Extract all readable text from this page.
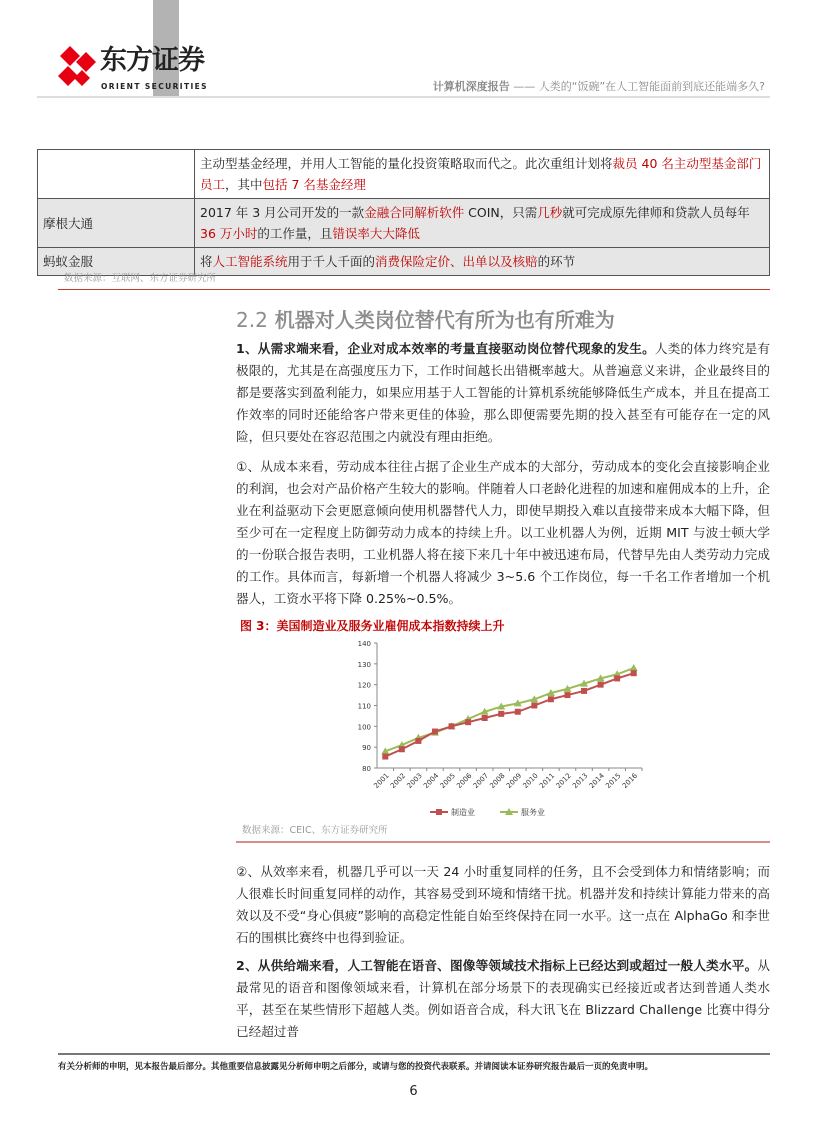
东方证券
ORIENT SECURITIES	计算机深度报告 —— 人类的“饭碗”在人工智能面前到底还能端多久?
	主动型基金经理，并用人工智能的量化投资策略取而代之。此次重组计划将裁员 40 名主动型基金部门员工，其中包括 7 名基金经理
摩根大通	2017 年 3 月公司开发的一款金融合同解析软件 COIN，只需几秒就可完成原先律师和贷款人员每年 36 万小时的工作量，且错误率大大降低
蚂蚁金服	将人工智能系统用于千人千面的消费保险定价、出单以及核赔的环节
数据来源：互联网、东方证券研究所
2.2 机器对人类岗位替代有所为也有所难为
1、从需求端来看，企业对成本效率的考量直接驱动岗位替代现象的发生。人类的体力终究是有极限的，尤其是在高强度压力下，工作时间越长出错概率越大。从普遍意义来讲，企业最终目的都是要落实到盈利能力，如果应用基于人工智能的计算机系统能够降低生产成本，并且在提高工作效率的同时还能给客户带来更佳的体验，那么即便需要先期的投入甚至有可能存在一定的风险，但只要处在容忍范围之内就没有理由拒绝。
①、从成本来看，劳动成本往往占据了企业生产成本的大部分，劳动成本的变化会直接影响企业的利润，也会对产品价格产生较大的影响。伴随着人口老龄化进程的加速和雇佣成本的上升，企业在利益驱动下会更愿意倾向使用机器替代人力，即使早期投入难以直接带来成本大幅下降，但至少可在一定程度上防御劳动力成本的持续上升。以工业机器人为例，近期 MIT 与波士顿大学的一份联合报告表明，工业机器人将在接下来几十年中被迅速布局，代替早先由人类劳动力完成的工作。具体而言，每新增一个机器人将减少 3~5.6 个工作岗位，每一千名工作者增加一个机器人，工资水平将下降 0.25%~0.5%。
图 3：美国制造业及服务业雇佣成本指数持续上升
80
90
100
110
120
130
140
2001
2002
2003
2004
2005
2006
2007
2008
2009
2010
2011
2012
2013
2014
2015
2016
制造业	服务业
数据来源：CEIC、东方证券研究所
②、从效率来看，机器几乎可以一天 24 小时重复同样的任务，且不会受到体力和情绪影响；而人很难长时间重复同样的动作，其容易受到环境和情绪干扰。机器并发和持续计算能力带来的高效以及不受“身心俱疲”影响的高稳定性能自始至终保持在同一水平。这一点在 AlphaGo 和李世石的围棋比赛终中也得到验证。
2、从供给端来看，人工智能在语音、图像等领域技术指标上已经达到或超过一般人类水平。从最常见的语音和图像领域来看，计算机在部分场景下的表现确实已经接近或者达到普通人类水平，甚至在某些情形下超越人类。例如语音合成，科大讯飞在 Blizzard Challenge 比赛中得分已经超过普
有关分析师的申明，见本报告最后部分。其他重要信息披露见分析师申明之后部分，或请与您的投资代表联系。并请阅读本证券研究报告最后一页的免责申明。
6
